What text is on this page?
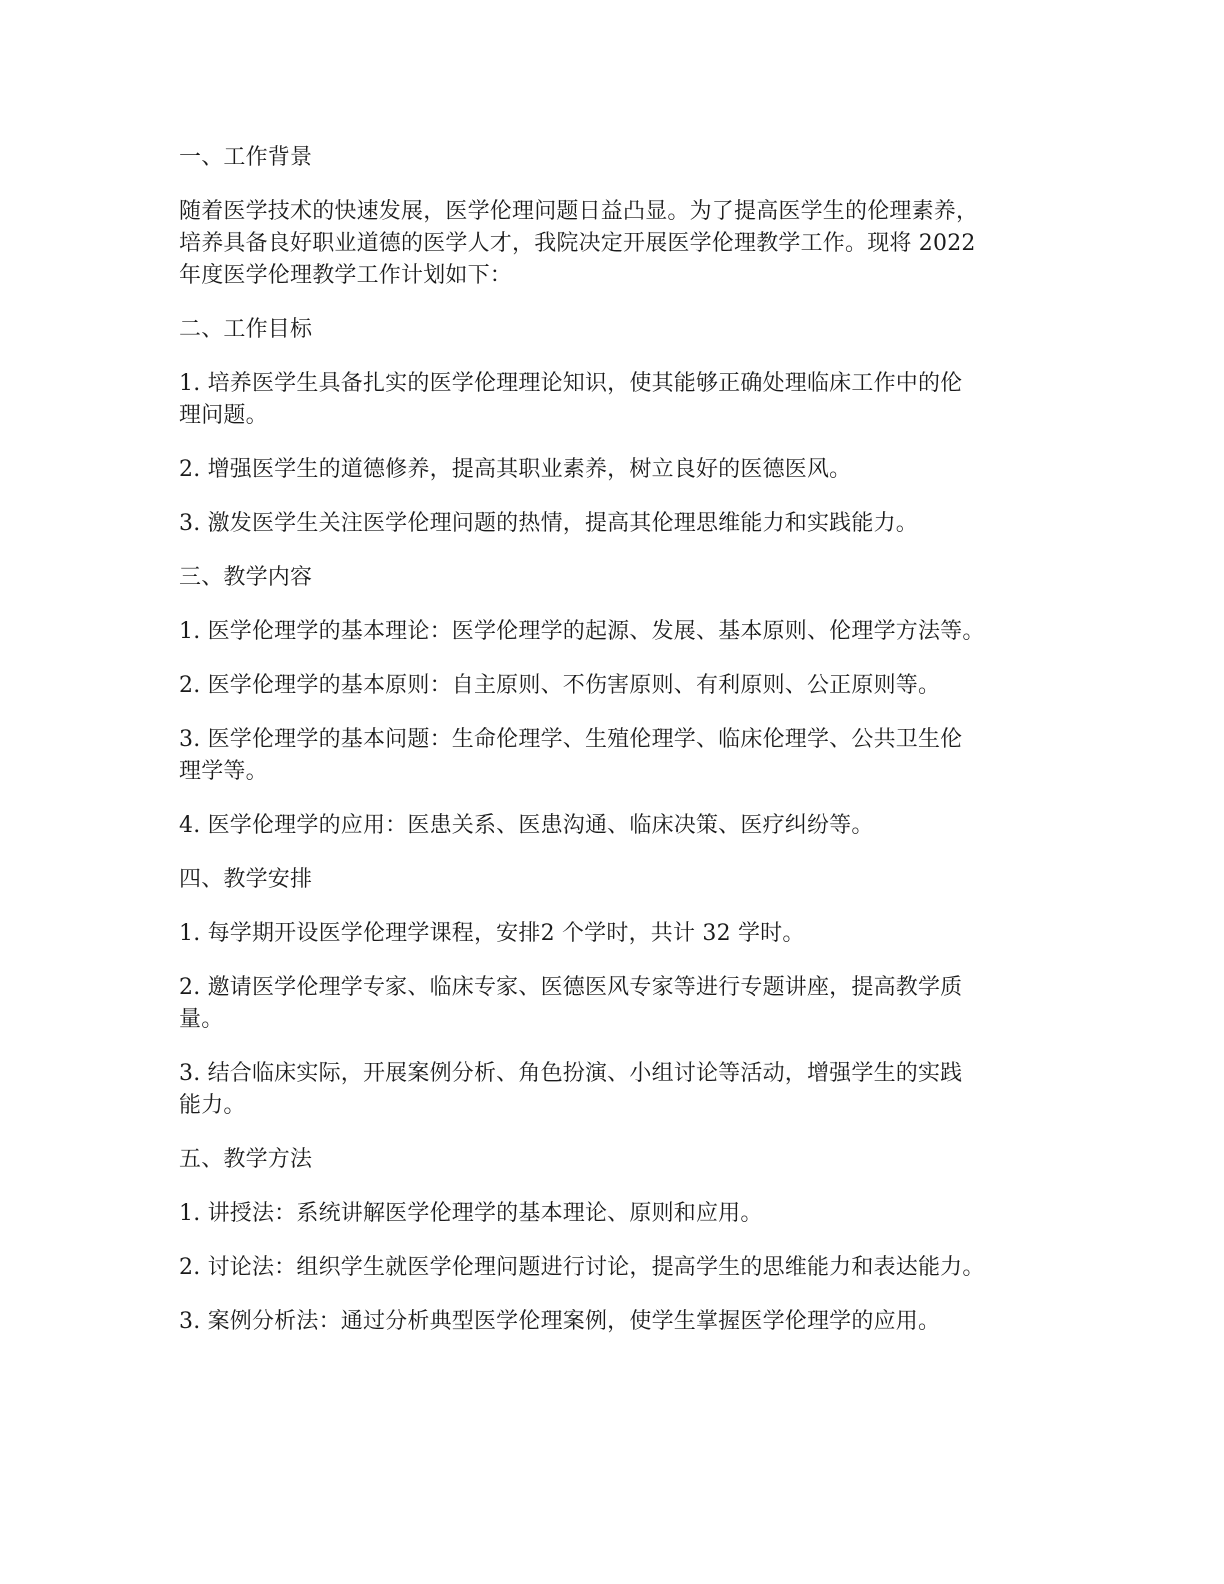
一、工作背景
随着医学技术的快速发展，医学伦理问题日益凸显。为了提高医学生的伦理素养，
培养具备良好职业道德的医学人才，我院决定开展医学伦理教学工作。现将 2022
年度医学伦理教学工作计划如下：
二、工作目标
1. 培养医学生具备扎实的医学伦理理论知识，使其能够正确处理临床工作中的伦
理问题。
2. 增强医学生的道德修养，提高其职业素养，树立良好的医德医风。
3. 激发医学生关注医学伦理问题的热情，提高其伦理思维能力和实践能力。
三、教学内容
1. 医学伦理学的基本理论：医学伦理学的起源、发展、基本原则、伦理学方法等。
2. 医学伦理学的基本原则：自主原则、不伤害原则、有利原则、公正原则等。
3. 医学伦理学的基本问题：生命伦理学、生殖伦理学、临床伦理学、公共卫生伦
理学等。
4. 医学伦理学的应用：医患关系、医患沟通、临床决策、医疗纠纷等。
四、教学安排
1. 每学期开设医学伦理学课程，安排2 个学时，共计 32 学时。
2. 邀请医学伦理学专家、临床专家、医德医风专家等进行专题讲座，提高教学质
量。
3. 结合临床实际，开展案例分析、角色扮演、小组讨论等活动，增强学生的实践
能力。
五、教学方法
1. 讲授法：系统讲解医学伦理学的基本理论、原则和应用。
2. 讨论法：组织学生就医学伦理问题进行讨论，提高学生的思维能力和表达能力。
3. 案例分析法：通过分析典型医学伦理案例，使学生掌握医学伦理学的应用。
